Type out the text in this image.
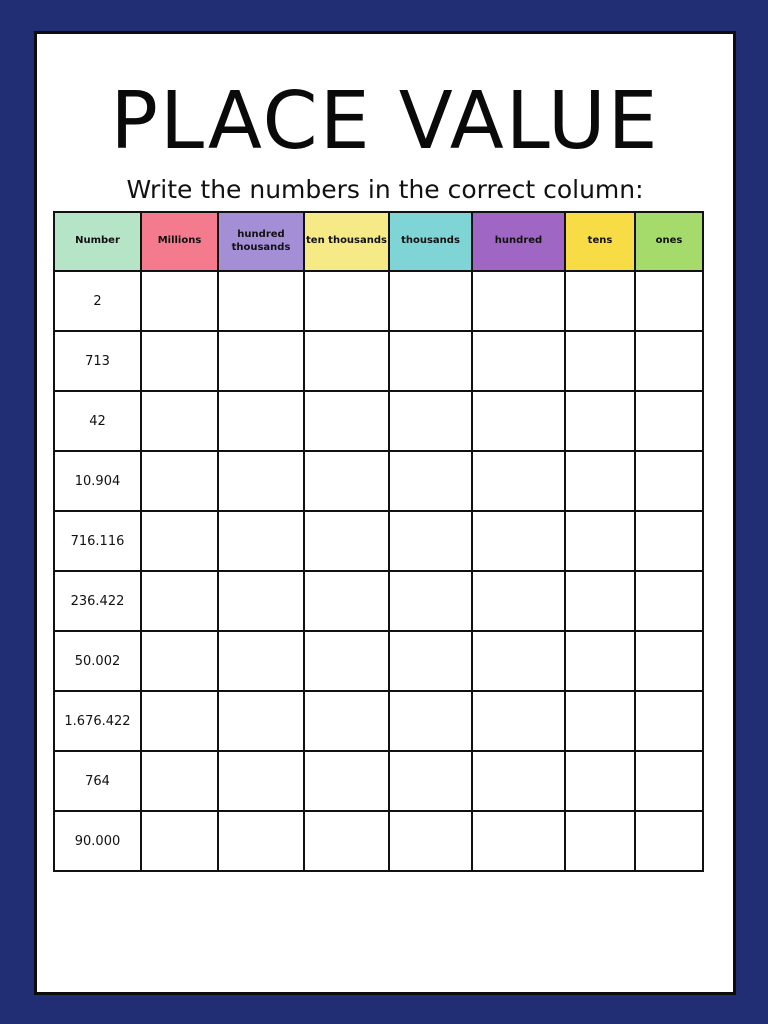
PLACE VALUE

Write the numbers in the correct column:

Number	Millions	hundred thousands	ten thousands	thousands	hundred	tens	ones
2							
713							
42							
10.904							
716.116							
236.422							
50.002							
1.676.422							
764							
90.000							
